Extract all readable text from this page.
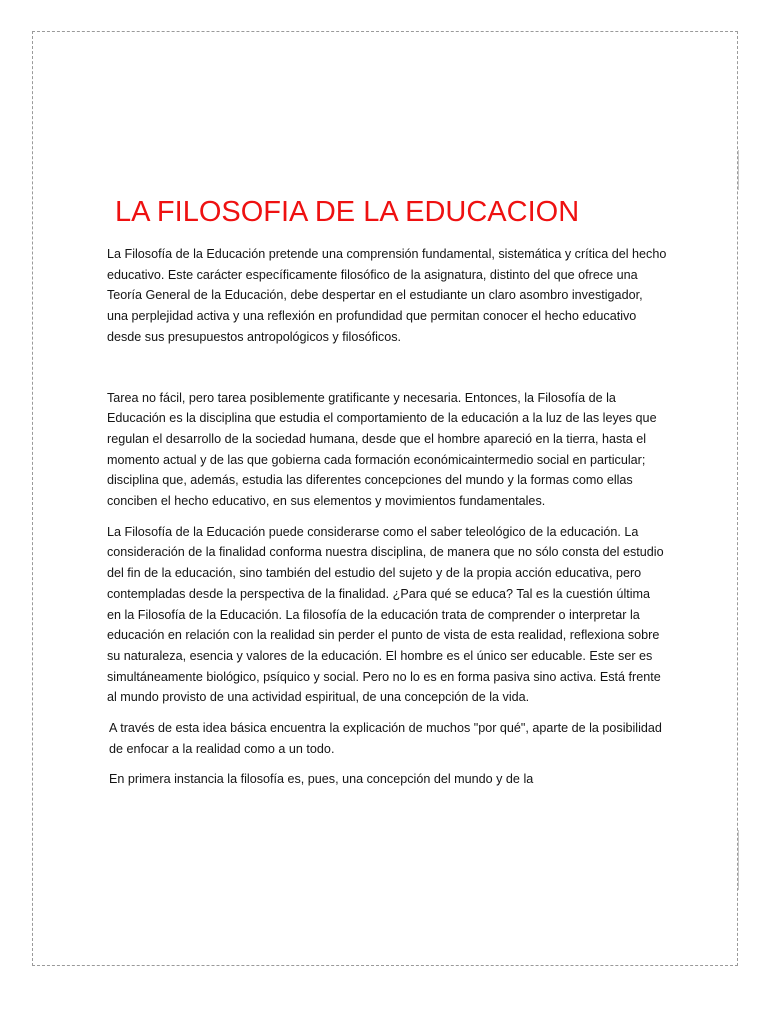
LA FILOSOFIA DE LA EDUCACION

La Filosofía de la Educación pretende una comprensión fundamental, sistemática y crítica del hecho educativo. Este carácter específicamente filosófico de la asignatura, distinto del que ofrece una Teoría General de la Educación, debe despertar en el estudiante un claro asombro investigador, una perplejidad activa y una reflexión en profundidad que permitan conocer el hecho educativo desde sus presupuestos antropológicos y filosóficos.

Tarea no fácil, pero tarea posiblemente gratificante y necesaria. Entonces, la Filosofía de la Educación es la disciplina que estudia el comportamiento de la educación a la luz de las leyes que regulan el desarrollo de la sociedad humana, desde que el hombre apareció en la tierra, hasta el momento actual y de las que gobierna cada formación económicaintermedio social en particular; disciplina que, además, estudia las diferentes concepciones del mundo y la formas como ellas conciben el hecho educativo, en sus elementos y movimientos fundamentales.

La Filosofía de la Educación puede considerarse como el saber teleológico de la educación. La consideración de la finalidad conforma nuestra disciplina, de manera que no sólo consta del estudio del fin de la educación, sino también del estudio del sujeto y de la propia acción educativa, pero contempladas desde la perspectiva de la finalidad. ¿Para qué se educa? Tal es la cuestión última en la Filosofía de la Educación. La filosofía de la educación trata de comprender o interpretar la educación en relación con la realidad sin perder el punto de vista de esta realidad, reflexiona sobre su naturaleza, esencia y valores de la educación. El hombre es el único ser educable. Este ser es simultáneamente biológico, psíquico y social. Pero no lo es en forma pasiva sino activa. Está frente al mundo provisto de una actividad espiritual, de una concepción de la vida.

A través de esta idea básica encuentra la explicación de muchos "por qué", aparte de la posibilidad de enfocar a la realidad como a un todo.

En primera instancia la filosofía es, pues, una concepción del mundo y de la
